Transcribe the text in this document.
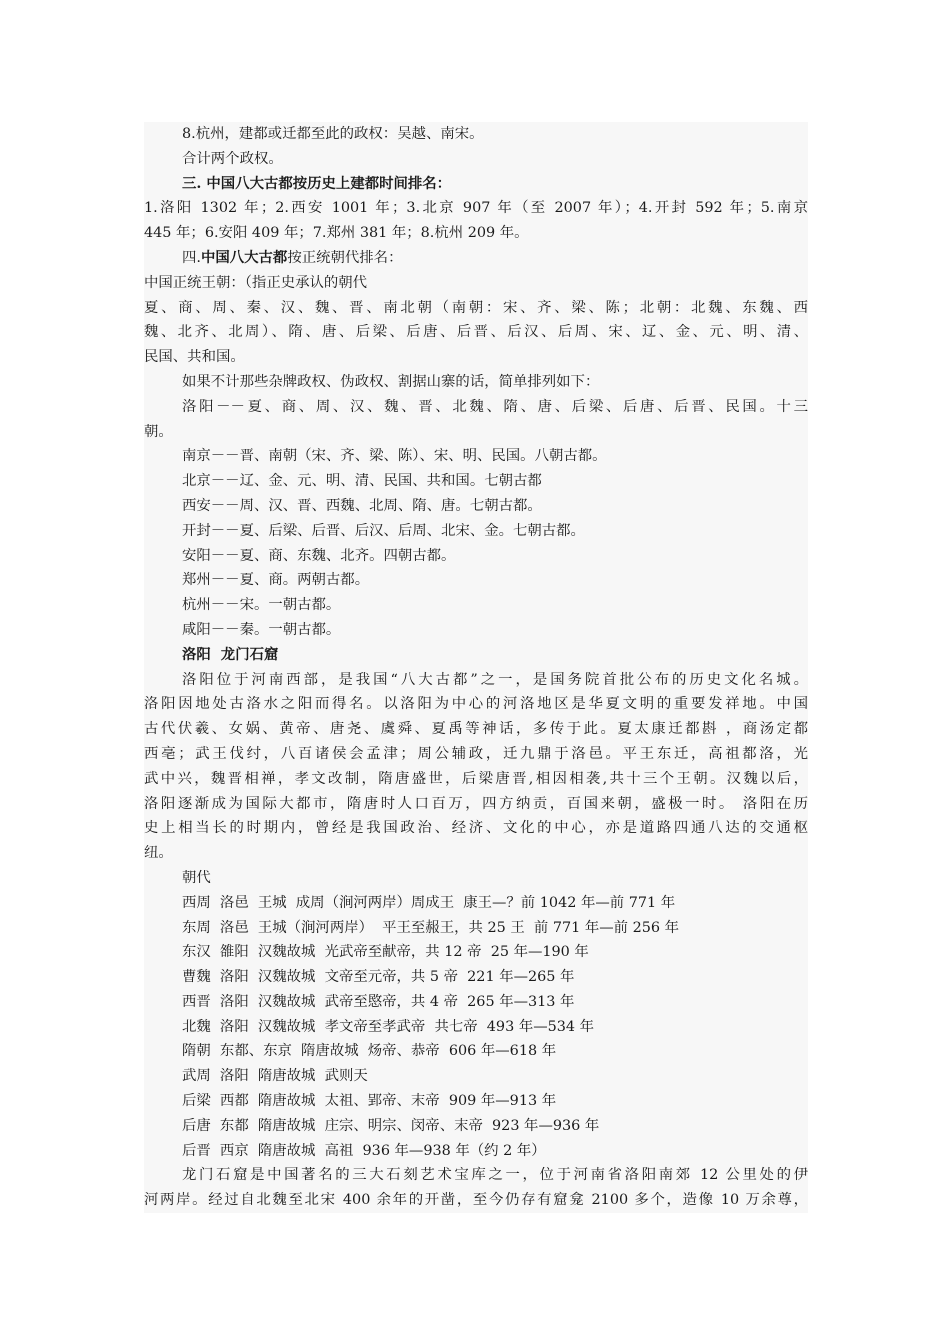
8.杭州，建都或迁都至此的政权：吴越、南宋。
合计两个政权。
三. 中国八大古都按历史上建都时间排名：
1.洛阳 1302 年；2.西安 1001 年；3.北京 907 年（至 2007 年）；4.开封 592 年；5.南京
445 年；6.安阳 409 年；7.郑州 381 年；8.杭州 209 年。
四.中国八大古都按正统朝代排名：
中国正统王朝：（指正史承认的朝代
夏、商、周、秦、汉、魏、晋、南北朝（南朝：宋、齐、梁、陈；北朝：北魏、东魏、西
魏、北齐、北周）、隋、唐、后梁、后唐、后晋、后汉、后周、宋、辽、金、元、明、清、
民国、共和国。
如果不计那些杂牌政权、伪政权、割据山寨的话，简单排列如下：
洛阳－－夏、商、周、汉、魏、晋、北魏、隋、唐、后梁、后唐、后晋、民国。十三
朝。
南京－－晋、南朝（宋、齐、梁、陈）、宋、明、民国。八朝古都。
北京－－辽、金、元、明、清、民国、共和国。七朝古都
西安－－周、汉、晋、西魏、北周、隋、唐。七朝古都。
开封－－夏、后梁、后晋、后汉、后周、北宋、金。七朝古都。
安阳－－夏、商、东魏、北齐。四朝古都。
郑州－－夏、商。两朝古都。
杭州－－宋。一朝古都。
咸阳－－秦。一朝古都。
洛阳  龙门石窟
洛阳位于河南西部，是我国“八大古都”之一，是国务院首批公布的历史文化名城。
洛阳因地处古洛水之阳而得名。以洛阳为中心的河洛地区是华夏文明的重要发祥地。中国
古代伏羲、女娲、黄帝、唐尧、虞舜、夏禹等神话，多传于此。夏太康迁都斟 ，商汤定都
西亳；武王伐纣，八百诸侯会孟津；周公辅政，迁九鼎于洛邑。平王东迁，高祖都洛，光
武中兴，魏晋相禅，孝文改制，隋唐盛世，后梁唐晋,相因相袭,共十三个王朝。汉魏以后，
洛阳逐渐成为国际大都市，隋唐时人口百万，四方纳贡，百国来朝，盛极一时。 洛阳在历
史上相当长的时期内，曾经是我国政治、经济、文化的中心，亦是道路四通八达的交通枢
纽。
朝代
西周  洛邑  王城  成周（涧河两岸）周成王  康王—？前 1042 年—前 771 年
东周  洛邑  王城（涧河两岸）  平王至赧王，共 25 王  前 771 年—前 256 年
东汉  雒阳  汉魏故城  光武帝至献帝，共 12 帝  25 年—190 年
曹魏  洛阳  汉魏故城  文帝至元帝，共 5 帝  221 年—265 年
西晋  洛阳  汉魏故城  武帝至愍帝，共 4 帝  265 年—313 年
北魏  洛阳  汉魏故城  孝文帝至孝武帝  共七帝  493 年—534 年
隋朝  东都、东京  隋唐故城  炀帝、恭帝  606 年—618 年
武周  洛阳  隋唐故城  武则天
后梁  西都  隋唐故城  太祖、郢帝、末帝  909 年—913 年
后唐  东都  隋唐故城  庄宗、明宗、闵帝、末帝  923 年—936 年
后晋  西京  隋唐故城  高祖  936 年—938 年（约 2 年）
龙门石窟是中国著名的三大石刻艺术宝库之一，位于河南省洛阳南郊 12 公里处的伊
河两岸。经过自北魏至北宋 400 余年的开凿，至今仍存有窟龛 2100 多个，造像 10 万余尊，
